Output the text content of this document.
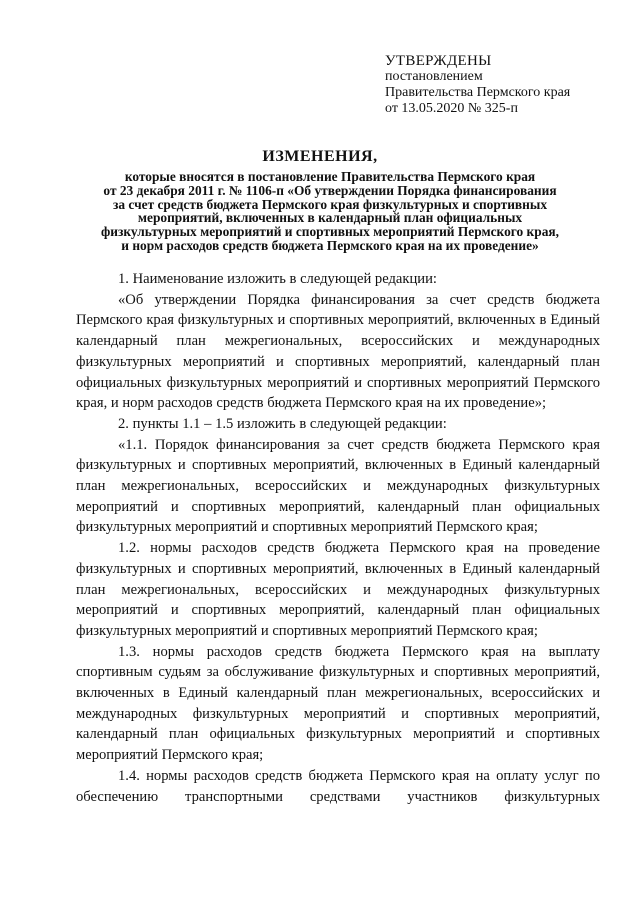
УТВЕРЖДЕНЫ
постановлением
Правительства Пермского края
от 13.05.2020 № 325-п
ИЗМЕНЕНИЯ,
которые вносятся в постановление Правительства Пермского края
от 23 декабря 2011 г. № 1106-п «Об утверждении Порядка финансирования
за счет средств бюджета Пермского края физкультурных и спортивных
мероприятий, включенных в календарный план официальных
физкультурных мероприятий и спортивных мероприятий Пермского края,
и норм расходов средств бюджета Пермского края на их проведение»

1. Наименование изложить в следующей редакции:

«Об утверждении Порядка финансирования за счет средств бюджета Пермского края физкультурных и спортивных мероприятий, включенных в Единый календарный план межрегиональных, всероссийских и международных физкультурных мероприятий и спортивных мероприятий, календарный план официальных физкультурных мероприятий и спортивных мероприятий Пермского края, и норм расходов средств бюджета Пермского края на их проведение»;

2. пункты 1.1 – 1.5 изложить в следующей редакции:

«1.1. Порядок финансирования за счет средств бюджета Пермского края физкультурных и спортивных мероприятий, включенных в Единый календарный план межрегиональных, всероссийских и международных физкультурных мероприятий и спортивных мероприятий, календарный план официальных физкультурных мероприятий и спортивных мероприятий Пермского края;

1.2. нормы расходов средств бюджета Пермского края на проведение физкультурных и спортивных мероприятий, включенных в Единый календарный план межрегиональных, всероссийских и международных физкультурных мероприятий и спортивных мероприятий, календарный план официальных физкультурных мероприятий и спортивных мероприятий Пермского края;

1.3. нормы расходов средств бюджета Пермского края на выплату спортивным судьям за обслуживание физкультурных и спортивных мероприятий, включенных в Единый календарный план межрегиональных, всероссийских и международных физкультурных мероприятий и спортивных мероприятий, календарный план официальных физкультурных мероприятий и спортивных мероприятий Пермского края;

1.4. нормы расходов средств бюджета Пермского края на оплату услуг по обеспечению транспортными средствами участников физкультурных
